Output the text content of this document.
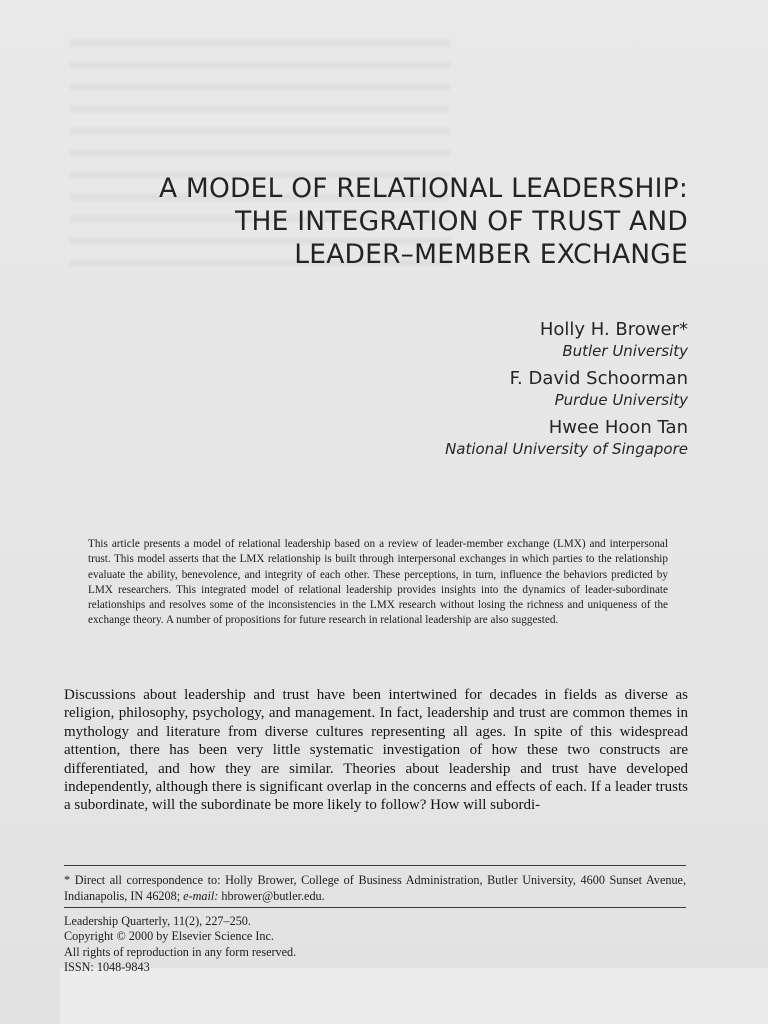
A MODEL OF RELATIONAL LEADERSHIP:
THE INTEGRATION OF TRUST AND
LEADER–MEMBER EXCHANGE
Holly H. Brower*
Butler University
F. David Schoorman
Purdue University
Hwee Hoon Tan
National University of Singapore

This article presents a model of relational leadership based on a review of leader-member exchange (LMX) and interpersonal trust. This model asserts that the LMX relationship is built through interpersonal exchanges in which parties to the relationship evaluate the ability, benevolence, and integrity of each other. These perceptions, in turn, influence the behaviors predicted by LMX researchers. This integrated model of relational leadership provides insights into the dynamics of leader-subordinate relationships and resolves some of the inconsistencies in the LMX research without losing the richness and uniqueness of the exchange theory. A number of propositions for future research in relational leadership are also suggested.

Discussions about leadership and trust have been intertwined for decades in fields as diverse as religion, philosophy, psychology, and management. In fact, leadership and trust are common themes in mythology and literature from diverse cultures representing all ages. In spite of this widespread attention, there has been very little systematic investigation of how these two constructs are differentiated, and how they are similar. Theories about leadership and trust have developed independently, although there is significant overlap in the concerns and effects of each. If a leader trusts a subordinate, will the subordinate be more likely to follow? How will subordi-

* Direct all correspondence to: Holly Brower, College of Business Administration, Butler University, 4600 Sunset Avenue, Indianapolis, IN 46208; e-mail: hbrower@butler.edu.

Leadership Quarterly, 11(2), 227–250.
Copyright © 2000 by Elsevier Science Inc.
All rights of reproduction in any form reserved.
ISSN: 1048-9843
